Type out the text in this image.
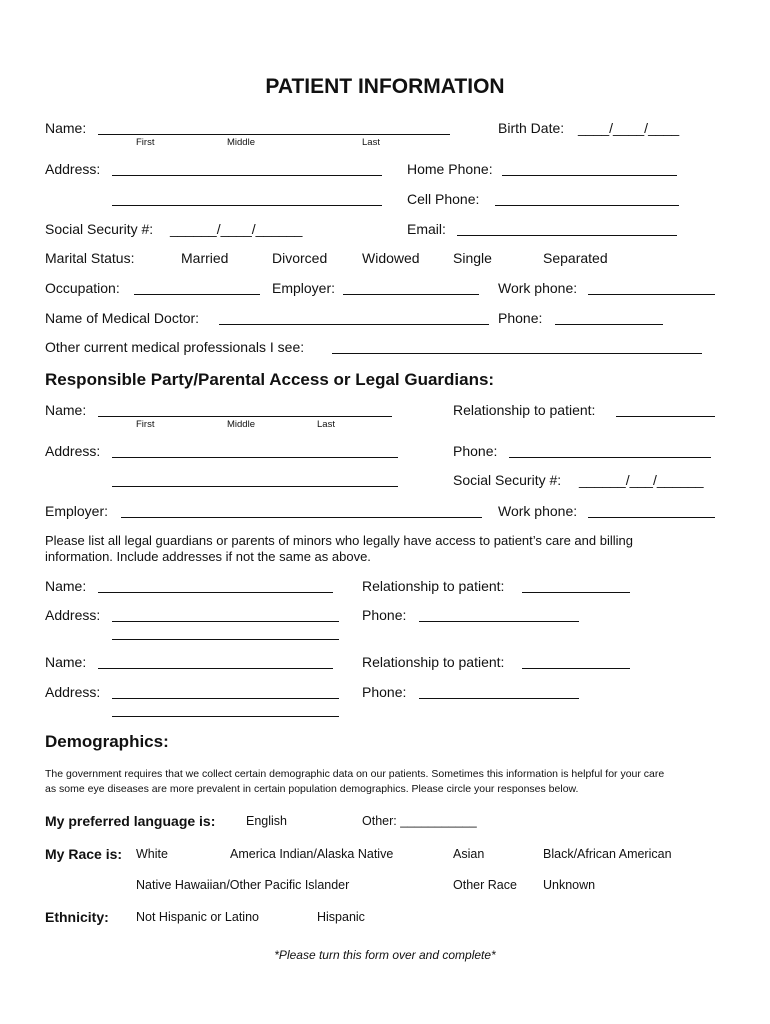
PATIENT INFORMATION
Name:
First	Middle	Last
Birth Date: ____/____/____
Address:	Home Phone:
Cell Phone:
Social Security #: ______/____/______	Email:
Marital Status:	Married	Divorced Widowed Single	Separated
Occupation:	Employer:	Work phone:
Name of Medical Doctor:	Phone:
Other current medical professionals I see:
Responsible Party/Parental Access or Legal Guardians:
Name:
First	Middle	Last
Relationship to patient:
Address:	Phone:
Social Security #: ______/___/______
Employer:	Work phone:
Please list all legal guardians or parents of minors who legally have access to patient’s care and billing
information. Include addresses if not the same as above.
Name:	Relationship to patient:
Address:	Phone:
Name:	Relationship to patient:
Address:	Phone:
Demographics:
The government requires that we collect certain demographic data on our patients. Sometimes this information is helpful for your care
as some eye diseases are more prevalent in certain population demographics. Please circle your responses below.
My preferred language is: English	Other: ___________
My Race is: White	America Indian/Alaska Native	Asian	Black/African American
Native Hawaiian/Other Pacific Islander	Other Race Unknown
Ethnicity: Not Hispanic or Latino	Hispanic
*Please turn this form over and complete*
